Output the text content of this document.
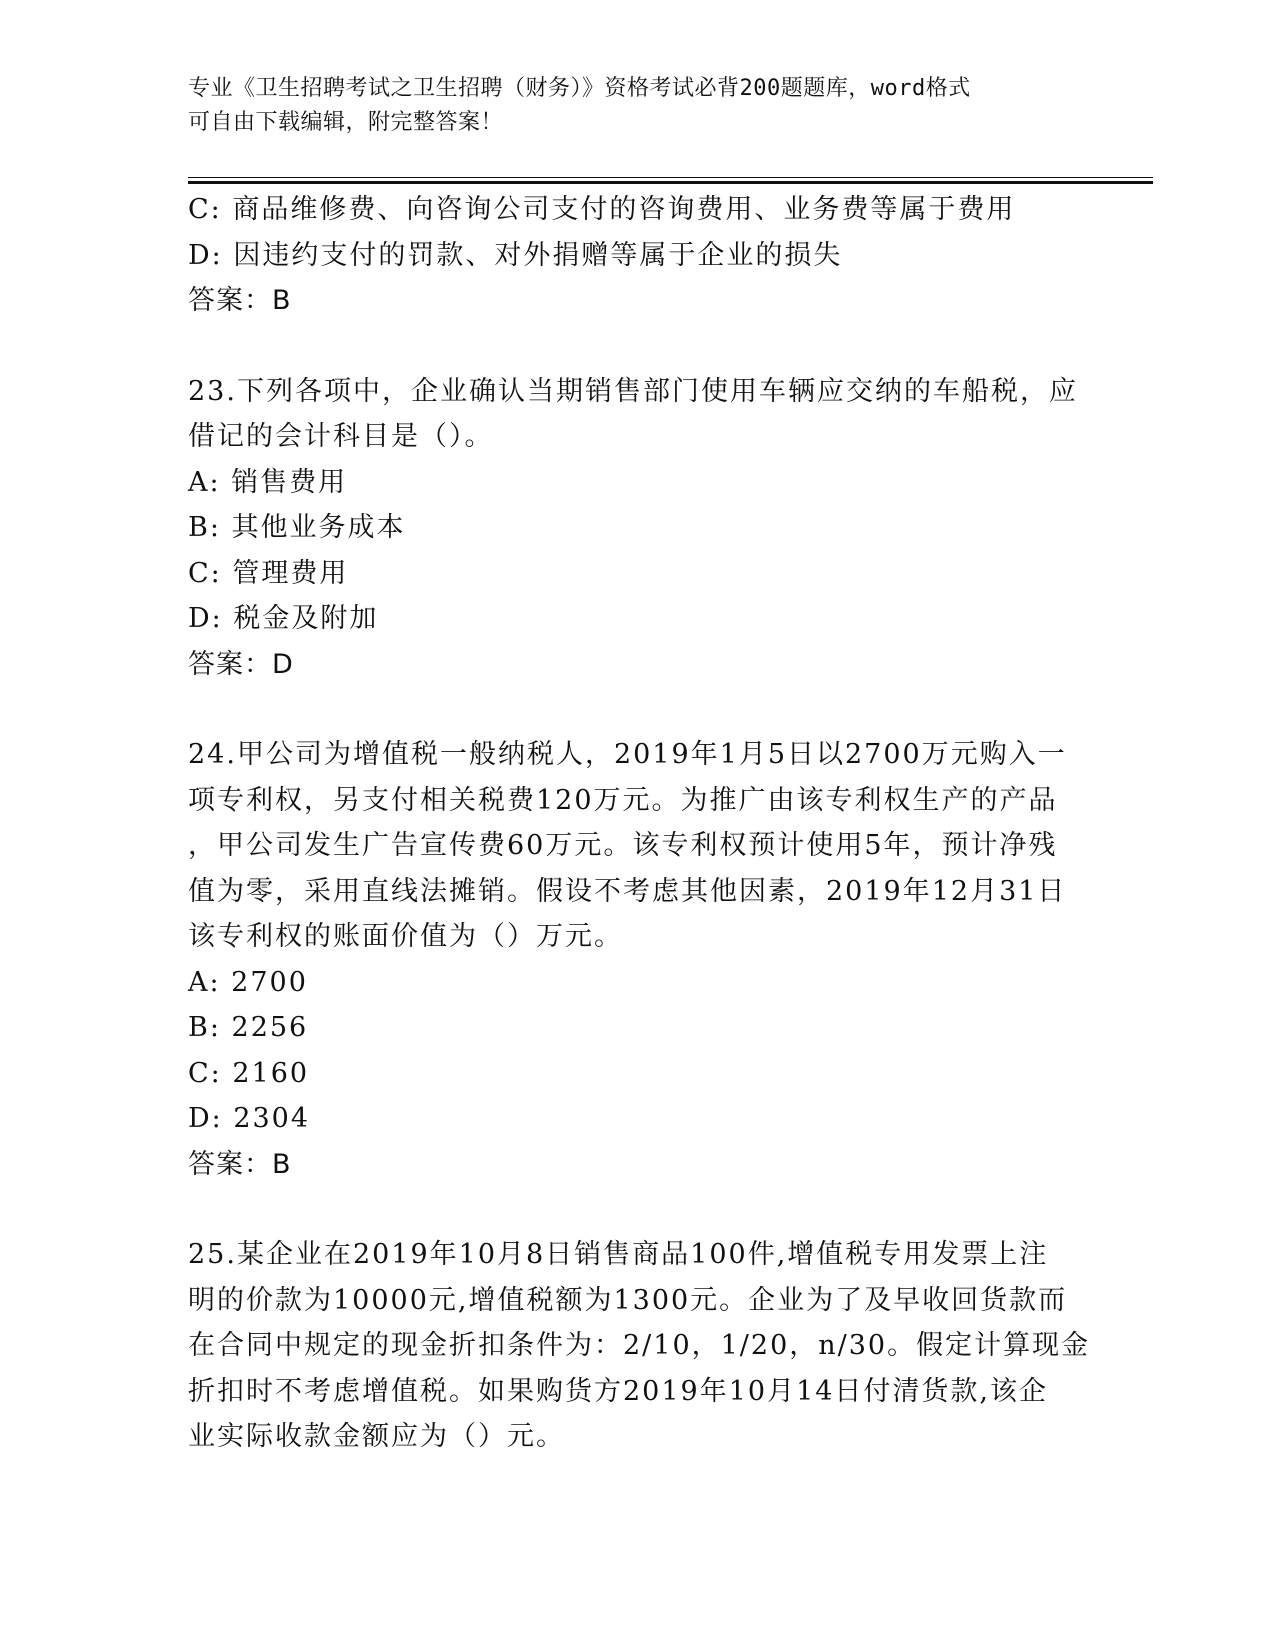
专业《卫生招聘考试之卫生招聘（财务）》资格考试必背200题题库，word格式
可自由下载编辑，附完整答案！
C: 商品维修费、向咨询公司支付的咨询费用、业务费等属于费用
D: 因违约支付的罚款、对外捐赠等属于企业的损失
答案：B
23.下列各项中，企业确认当期销售部门使用车辆应交纳的车船税，应
借记的会计科目是（）。
A: 销售费用
B: 其他业务成本
C: 管理费用
D: 税金及附加
答案：D
24.甲公司为增值税一般纳税人，2019年1月5日以2700万元购入一
项专利权，另支付相关税费120万元。为推广由该专利权生产的产品
，甲公司发生广告宣传费60万元。该专利权预计使用5年，预计净残
值为零，采用直线法摊销。假设不考虑其他因素，2019年12月31日
该专利权的账面价值为（）万元。
A: 2700
B: 2256
C: 2160
D: 2304
答案：B
25.某企业在2019年10月8日销售商品100件,增值税专用发票上注
明的价款为10000元,增值税额为1300元。企业为了及早收回货款而
在合同中规定的现金折扣条件为：2/10，1/20，n/30。假定计算现金
折扣时不考虑增值税。如果购货方2019年10月14日付清货款,该企
业实际收款金额应为（）元。
